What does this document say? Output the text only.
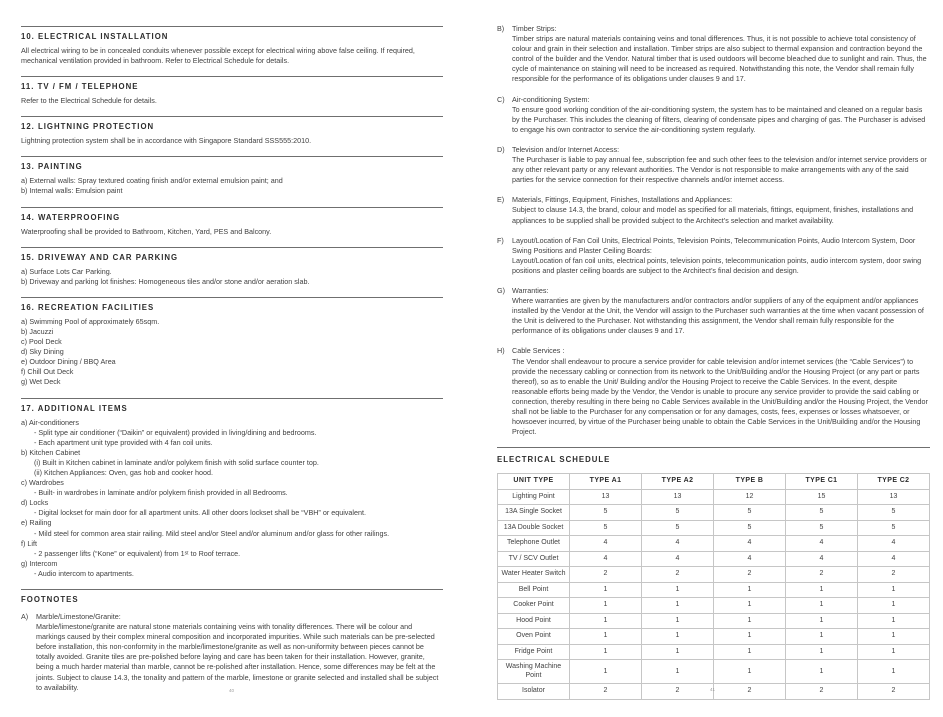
10. ELECTRICAL INSTALLATION

All electrical wiring to be in concealed conduits whenever possible except for electrical wiring above false ceiling. If required, mechanical ventilation provided in bathroom. Refer to Electrical Schedule for details.

11. TV / FM / TELEPHONE

Refer to the Electrical Schedule for details.

12. LIGHTNING PROTECTION

Lightning protection system shall be in accordance with Singapore Standard SSS555:2010.

13. PAINTING

a) External walls: Spray textured coating finish and/or external emulsion paint; and

b) Internal walls: Emulsion paint

14. WATERPROOFING

Waterproofing shall be provided to Bathroom, Kitchen, Yard, PES and Balcony.

15. DRIVEWAY AND CAR PARKING

a) Surface Lots Car Parking.

b) Driveway and parking lot finishes: Homogeneous tiles and/or stone and/or aeration slab.

16. RECREATION FACILITIES

a) Swimming Pool of approximately 65sqm.

b) Jacuzzi

c) Pool Deck

d) Sky Dining

e) Outdoor Dining / BBQ Area

f) Chill Out Deck

g) Wet Deck

17. ADDITIONAL ITEMS

a) Air-conditioners

- Split type air conditioner (“Daikin” or equivalent) provided in living/dining and bedrooms.

- Each apartment unit type provided with 4 fan coil units.

b) Kitchen Cabinet

(i) Built in Kitchen cabinet in laminate and/or polykem finish with solid surface counter top.

(ii) Kitchen Appliances: Oven, gas hob and cooker hood.

c) Wardrobes

- Built- in wardrobes in laminate and/or polykem finish provided in all Bedrooms.

d) Locks

- Digital lockset for main door for all apartment units. All other doors lockset shall be “VBH” or equivalent.

e) Railing

- Mild steel for common area stair railing. Mild steel and/or Steel and/or aluminum and/or glass for other railings.

f) Lift

- 2 passenger lifts (“Kone” or equivalent) from 1ˢᵗ to Roof terrace.

g) Intercom

- Audio intercom to apartments.

FOOTNOTES
A)	Marble/Limestone/Granite:
Marble/limestone/granite are natural stone materials containing veins with tonality differences. There will be colour and markings caused by their complex mineral composition and incorporated impurities. While such materials can be pre-selected before installation, this non-conformity in the marble/limestone/granite as well as non-uniformity between pieces cannot be totally avoided. Granite tiles are pre-polished before laying and care has been taken for their installation. However, granite, being a much harder material than marble, cannot be re-polished after installation. Hence, some differences may be felt at the joints. Subject to clause 14.3, the tonality and pattern of the marble, limestone or granite selected and installed shall be subject to availability.
B)	Timber Strips:
Timber strips are natural materials containing veins and tonal differences. Thus, it is not possible to achieve total consistency of colour and grain in their selection and installation. Timber strips are also subject to thermal expansion and contraction beyond the control of the builder and the Vendor. Natural timber that is used outdoors will become bleached due to sunlight and rain. Thus, the cycle of maintenance on staining will need to be increased as required. Notwithstanding this note, the Vendor shall remain fully responsible for the performance of its obligations under clauses 9 and 17.
C)	Air-conditioning System:
To ensure good working condition of the air-conditioning system, the system has to be maintained and cleaned on a regular basis by the Purchaser. This includes the cleaning of filters, clearing of condensate pipes and charging of gas. The Purchaser is advised to engage his own contractor to service the air-conditioning system regularly.
D)	Television and/or Internet Access:
The Purchaser is liable to pay annual fee, subscription fee and such other fees to the television and/or internet service providers or any other relevant party or any relevant authorities. The Vendor is not responsible to make arrangements with any of the said parties for the service connection for their respective channels and/or internet access.
E)	Materials, Fittings, Equipment, Finishes, Installations and Appliances:
Subject to clause 14.3, the brand, colour and model as specified for all materials, fittings, equipment, finishes, installations and appliances to be supplied shall be provided subject to the Architect’s selection and market availability.
F)	Layout/Location of Fan Coil Units, Electrical Points, Television Points, Telecommunication Points, Audio Intercom System, Door Swing Positions and Plaster Ceiling Boards:
Layout/Location of fan coil units, electrical points, television points, telecommunication points, audio intercom system, door swing positions and plaster ceiling boards are subject to the Architect’s final decision and design.
G) Warranties:
Where warranties are given by the manufacturers and/or contractors and/or suppliers of any of the equipment and/or appliances installed by the Vendor at the Unit, the Vendor will assign to the Purchaser such warranties at the time when vacant possession of the Unit is delivered to the Purchaser. Not withstanding this assignment, the Vendor shall remain fully responsible for the performance of its obligations under clauses 9 and 17.
H)	Cable Services :
The Vendor shall endeavour to procure a service provider for cable television and/or internet services (the “Cable Services”) to provide the necessary cabling or connection from its network to the Unit/Building and/or the Housing Project (or any part or parts thereof), so as to enable the Unit/ Building and/or the Housing Project to receive the Cable Services. In the event, despite reasonable efforts being made by the Vendor, the Vendor is unable to procure any service provider to provide the said cabling or connection, thereby resulting in there being no Cable Services available in the Unit/Building and/or the Housing Project, the Vendor shall not be liable to the Purchaser for any compensation or for any damages, costs, fees, expenses or losses whatsoever, or howsoever incurred, by virtue of the Purchaser being unable to obtain the Cable Services in the Unit/Building and/or the Housing Project.
ELECTRICAL SCHEDULE
UNIT TYPE	TYPE A1	TYPE A2	TYPE B	TYPE C1	TYPE C2
Lighting Point	13	13	12	15	13
13A Single Socket	5	5	5	5	5
13A Double Socket	5	5	5	5	5
Telephone Outlet	4	4	4	4	4
TV / SCV Outlet	4	4	4	4	4
Water Heater Switch	2	2	2	2	2
Bell Point	1	1	1	1	1
Cooker Point	1	1	1	1	1
Hood Point	1	1	1	1	1
Oven Point	1	1	1	1	1
Fridge Point	1	1	1	1	1
Washing Machine Point	1	1	1	1	1
Isolator	2	2	2	2	2
40	41
